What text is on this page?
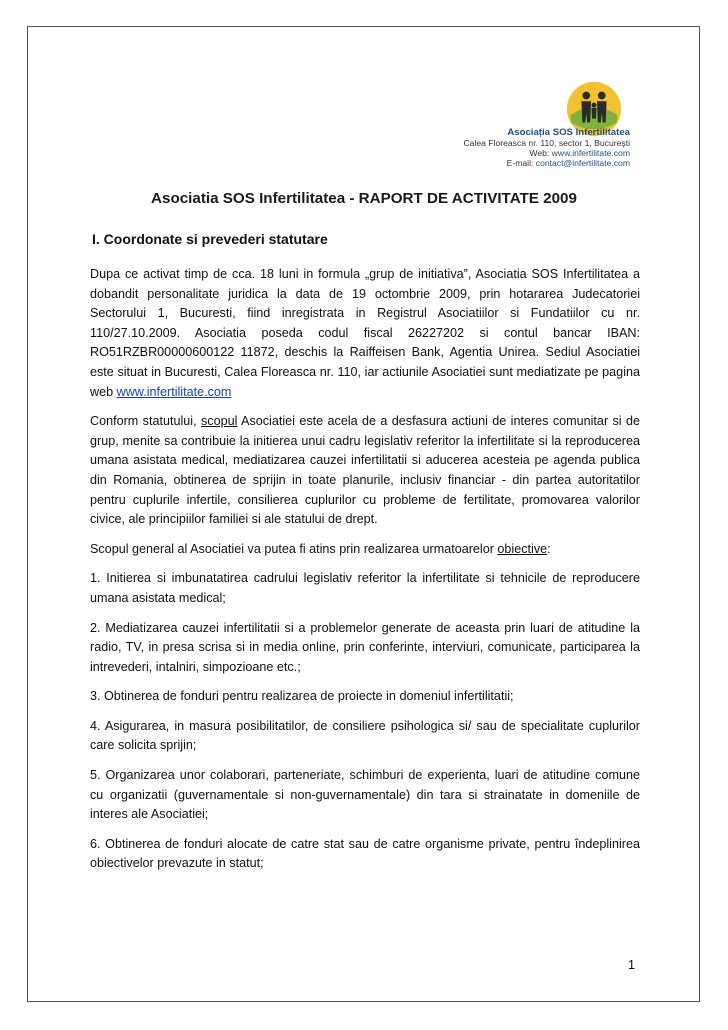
Asociația SOS Infertilitatea
Calea Floreasca nr. 110, sector 1, București
Web: www.infertilitate.com
E-mail: contact@infertilitate.com
Asociatia SOS Infertilitatea - RAPORT DE ACTIVITATE 2009
I. Coordonate si prevederi statutare

Dupa ce activat timp de cca. 18 luni in formula „grup de initiativa”, Asociatia SOS Infertilitatea a dobandit personalitate juridica la data de 19 octombrie 2009, prin hotararea Judecatoriei Sectorului 1, Bucuresti, fiind inregistrata in Registrul Asociatiilor si Fundatiilor cu nr. 110/27.10.2009. Asociatia poseda codul fiscal 26227202 si contul bancar IBAN: RO51RZBR00000600122 11872, deschis la Raiffeisen Bank, Agentia Unirea. Sediul Asociatiei este situat in Bucuresti, Calea Floreasca nr. 110, iar actiunile Asociatiei sunt mediatizate pe pagina web www.infertilitate.com

Conform statutului, scopul Asociatiei este acela de a desfasura actiuni de interes comunitar si de grup, menite sa contribuie la initierea unui cadru legislativ referitor la infertilitate si la reproducerea umana asistata medical, mediatizarea cauzei infertilitatii si aducerea acesteia pe agenda publica din Romania, obtinerea de sprijin in toate planurile, inclusiv financiar - din partea autoritatilor pentru cuplurile infertile, consilierea cuplurilor cu probleme de fertilitate, promovarea valorilor civice, ale principiilor familiei si ale statului de drept.

Scopul general al Asociatiei va putea fi atins prin realizarea urmatoarelor obiective:

1. Initierea si imbunatatirea cadrului legislativ referitor la infertilitate si tehnicile de reproducere umana asistata medical;

2. Mediatizarea cauzei infertilitatii si a problemelor generate de aceasta prin luari de atitudine la radio, TV, in presa scrisa si in media online, prin conferinte, interviuri, comunicate, participarea la intrevederi, intalniri, simpozioane etc.;

3. Obtinerea de fonduri pentru realizarea de proiecte in domeniul infertilitatii;

4. Asigurarea, in masura posibilitatilor, de consiliere psihologica si/ sau de specialitate cuplurilor care solicita sprijin;

5. Organizarea unor colaborari, parteneriate, schimburi de experienta, luari de atitudine comune cu organizatii (guvernamentale si non-guvernamentale) din tara si strainatate in domeniile de interes ale Asociatiei;

6. Obtinerea de fonduri alocate de catre stat sau de catre organisme private, pentru îndeplinirea obiectivelor prevazute in statut;

1
